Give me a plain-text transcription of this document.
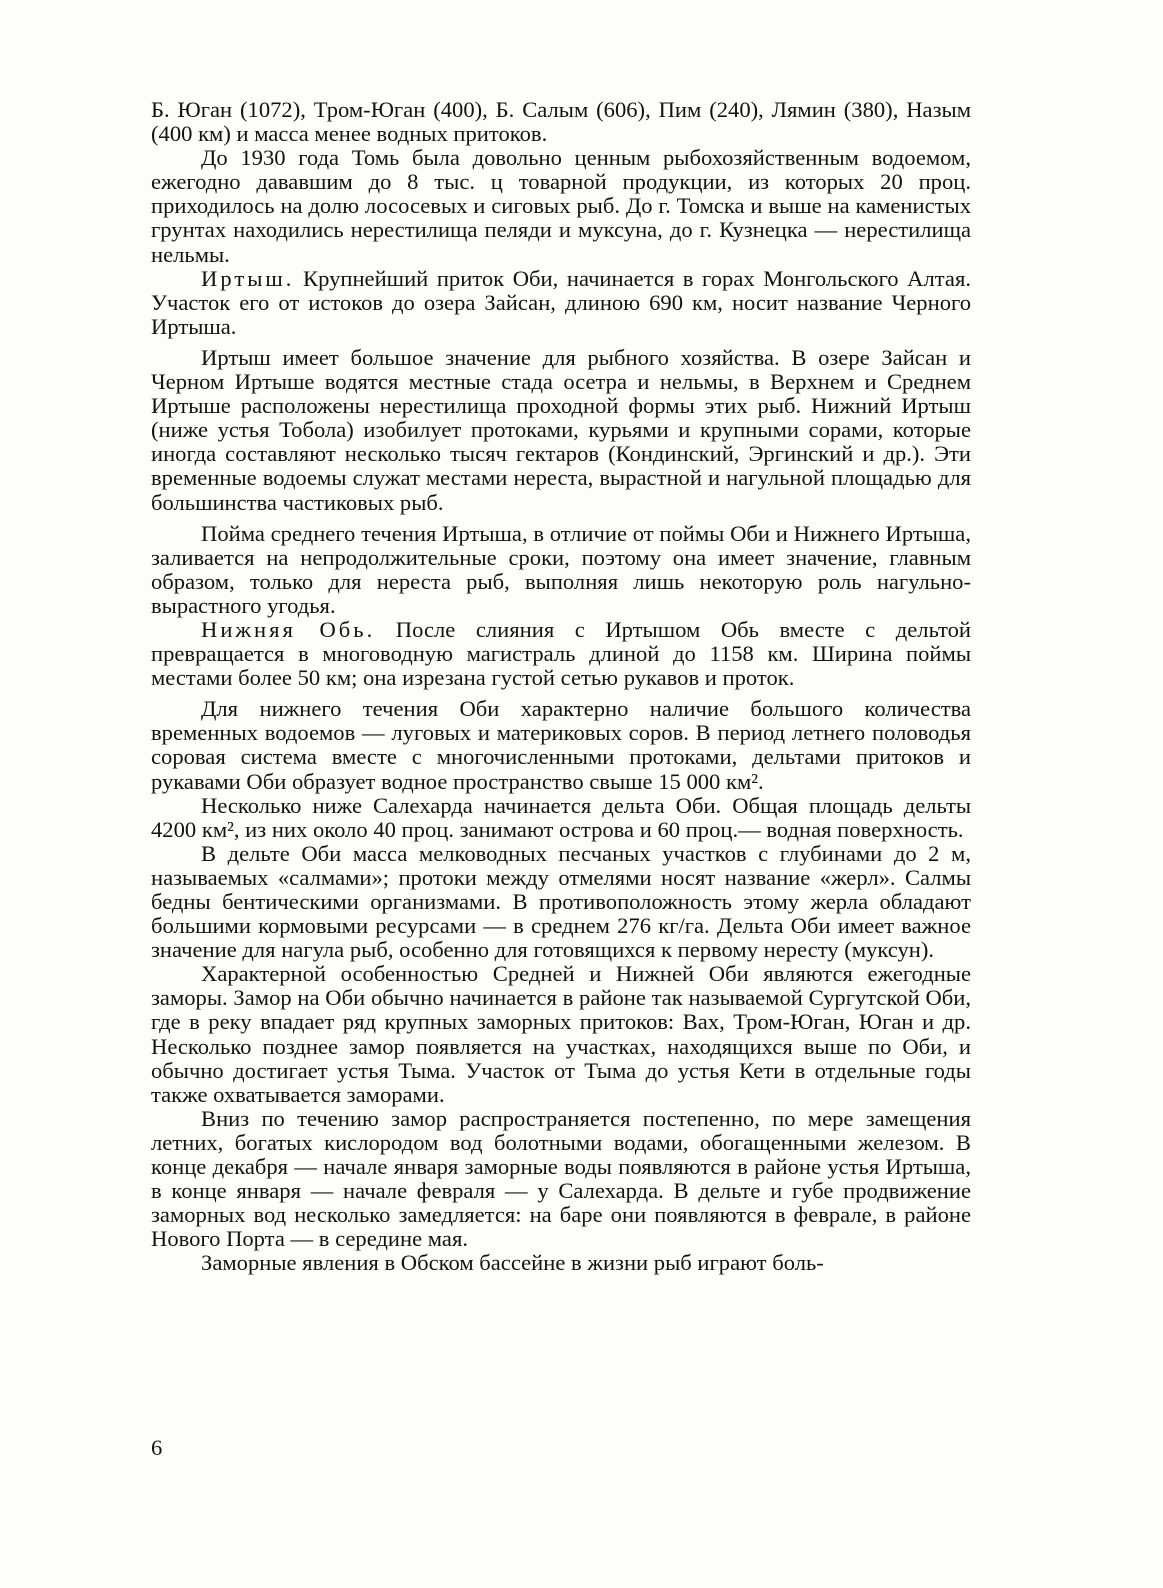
Б. Юган (1072), Тром-Юган (400), Б. Салым (606), Пим (240), Лямин (380), Назым (400 км) и масса менее водных притоков.

До 1930 года Томь была довольно ценным рыбохозяйственным водоемом, ежегодно дававшим до 8 тыс. ц товарной продукции, из которых 20 проц. приходилось на долю лососевых и сиговых рыб. До г. Томска и выше на каменистых грунтах находились нерестилища пеляди и муксуна, до г. Кузнецка — нерестилища нельмы.

Иртыш. Крупнейший приток Оби, начинается в горах Монгольского Алтая. Участок его от истоков до озера Зайсан, длиною 690 км, носит название Черного Иртыша.

Иртыш имеет большое значение для рыбного хозяйства. В озере Зайсан и Черном Иртыше водятся местные стада осетра и нельмы, в Верхнем и Среднем Иртыше расположены нерестилища проходной формы этих рыб. Нижний Иртыш (ниже устья Тобола) изобилует протоками, курьями и крупными сорами, которые иногда составляют несколько тысяч гектаров (Кондинский, Эргинский и др.). Эти временные водоемы служат местами нереста, вырастной и нагульной площадью для большинства частиковых рыб.

Пойма среднего течения Иртыша, в отличие от поймы Оби и Нижнего Иртыша, заливается на непродолжительные сроки, поэтому она имеет значение, главным образом, только для нереста рыб, выполняя лишь некоторую роль нагульно-вырастного угодья.

Нижняя Обь. После слияния с Иртышом Обь вместе с дельтой превращается в многоводную магистраль длиной до 1158 км. Ширина поймы местами более 50 км; она изрезана густой сетью рукавов и проток.

Для нижнего течения Оби характерно наличие большого количества временных водоемов — луговых и материковых соров. В период летнего половодья соровая система вместе с многочисленными протоками, дельтами притоков и рукавами Оби образует водное пространство свыше 15 000 км².

Несколько ниже Салехарда начинается дельта Оби. Общая площадь дельты 4200 км², из них около 40 проц. занимают острова и 60 проц.— водная поверхность.

В дельте Оби масса мелководных песчаных участков с глубинами до 2 м, называемых «салмами»; протоки между отмелями носят название «жерл». Салмы бедны бентическими организмами. В противоположность этому жерла обладают большими кормовыми ресурсами — в среднем 276 кг/га. Дельта Оби имеет важное значение для нагула рыб, особенно для готовящихся к первому нересту (муксун).

Характерной особенностью Средней и Нижней Оби являются ежегодные заморы. Замор на Оби обычно начинается в районе так называемой Сургутской Оби, где в реку впадает ряд крупных заморных притоков: Вах, Тром-Юган, Юган и др. Несколько позднее замор появляется на участках, находящихся выше по Оби, и обычно достигает устья Тыма. Участок от Тыма до устья Кети в отдельные годы также охватывается заморами.

Вниз по течению замор распространяется постепенно, по мере замещения летних, богатых кислородом вод болотными водами, обогащенными железом. В конце декабря — начале января заморные воды появляются в районе устья Иртыша, в конце января — начале февраля — у Салехарда. В дельте и губе продвижение заморных вод несколько замедляется: на баре они появляются в феврале, в районе Нового Порта — в середине мая.

Заморные явления в Обском бассейне в жизни рыб играют боль-

6
